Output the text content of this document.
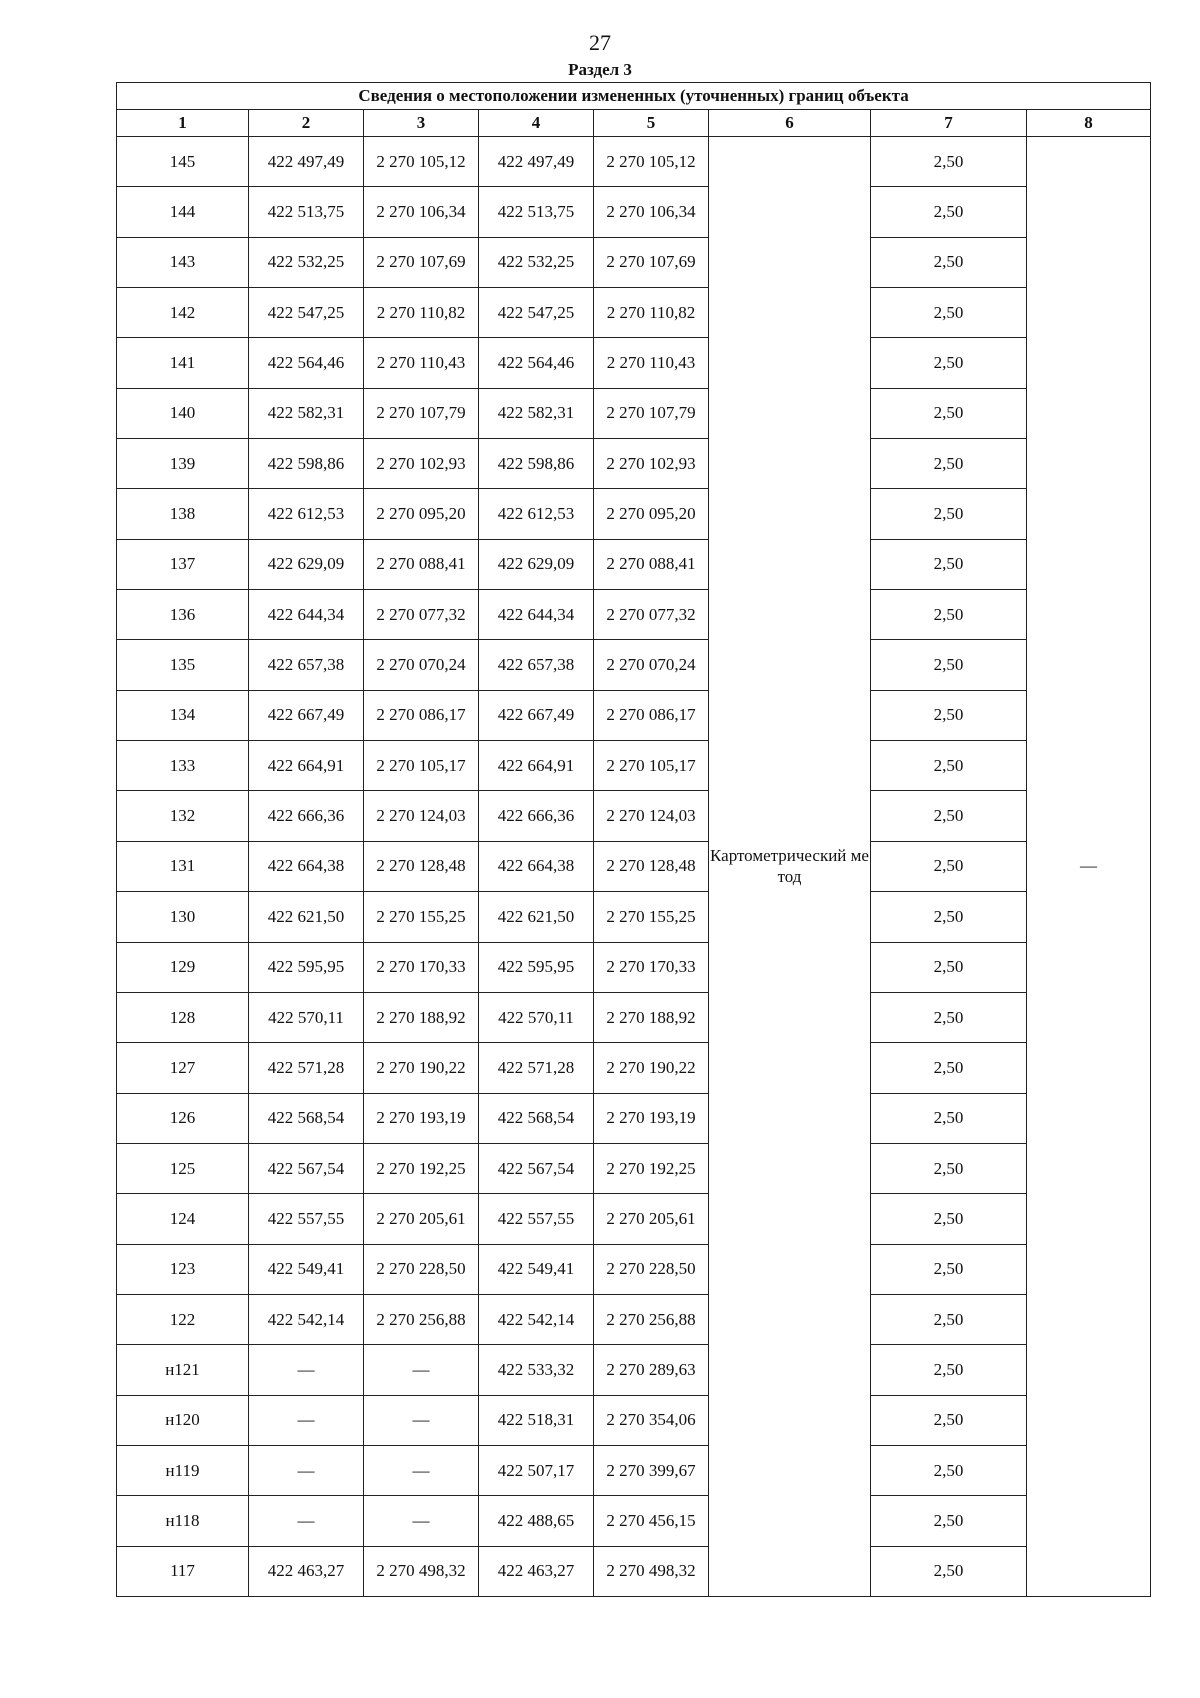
27
Раздел 3
Сведения о местоположении измененных (уточненных) границ объекта							
1	2	3	4	5	6	7	8
145	422 497,49	2 270 105,12	422 497,49	2 270 105,12	Картометрический метод	2,50	—
144	422 513,75	2 270 106,34	422 513,75	2 270 106,34		2,50	
143	422 532,25	2 270 107,69	422 532,25	2 270 107,69		2,50	
142	422 547,25	2 270 110,82	422 547,25	2 270 110,82		2,50	
141	422 564,46	2 270 110,43	422 564,46	2 270 110,43		2,50	
140	422 582,31	2 270 107,79	422 582,31	2 270 107,79		2,50	
139	422 598,86	2 270 102,93	422 598,86	2 270 102,93		2,50	
138	422 612,53	2 270 095,20	422 612,53	2 270 095,20		2,50	
137	422 629,09	2 270 088,41	422 629,09	2 270 088,41		2,50	
136	422 644,34	2 270 077,32	422 644,34	2 270 077,32		2,50	
135	422 657,38	2 270 070,24	422 657,38	2 270 070,24		2,50	
134	422 667,49	2 270 086,17	422 667,49	2 270 086,17		2,50	
133	422 664,91	2 270 105,17	422 664,91	2 270 105,17		2,50	
132	422 666,36	2 270 124,03	422 666,36	2 270 124,03		2,50	
131	422 664,38	2 270 128,48	422 664,38	2 270 128,48		2,50	
130	422 621,50	2 270 155,25	422 621,50	2 270 155,25		2,50	
129	422 595,95	2 270 170,33	422 595,95	2 270 170,33		2,50	
128	422 570,11	2 270 188,92	422 570,11	2 270 188,92		2,50	
127	422 571,28	2 270 190,22	422 571,28	2 270 190,22		2,50	
126	422 568,54	2 270 193,19	422 568,54	2 270 193,19		2,50	
125	422 567,54	2 270 192,25	422 567,54	2 270 192,25		2,50	
124	422 557,55	2 270 205,61	422 557,55	2 270 205,61		2,50	
123	422 549,41	2 270 228,50	422 549,41	2 270 228,50		2,50	
122	422 542,14	2 270 256,88	422 542,14	2 270 256,88		2,50	
н121	—	—	422 533,32	2 270 289,63		2,50	
н120	—	—	422 518,31	2 270 354,06		2,50	
н119	—	—	422 507,17	2 270 399,67		2,50	
н118	—	—	422 488,65	2 270 456,15		2,50	
117	422 463,27	2 270 498,32	422 463,27	2 270 498,32		2,50	
